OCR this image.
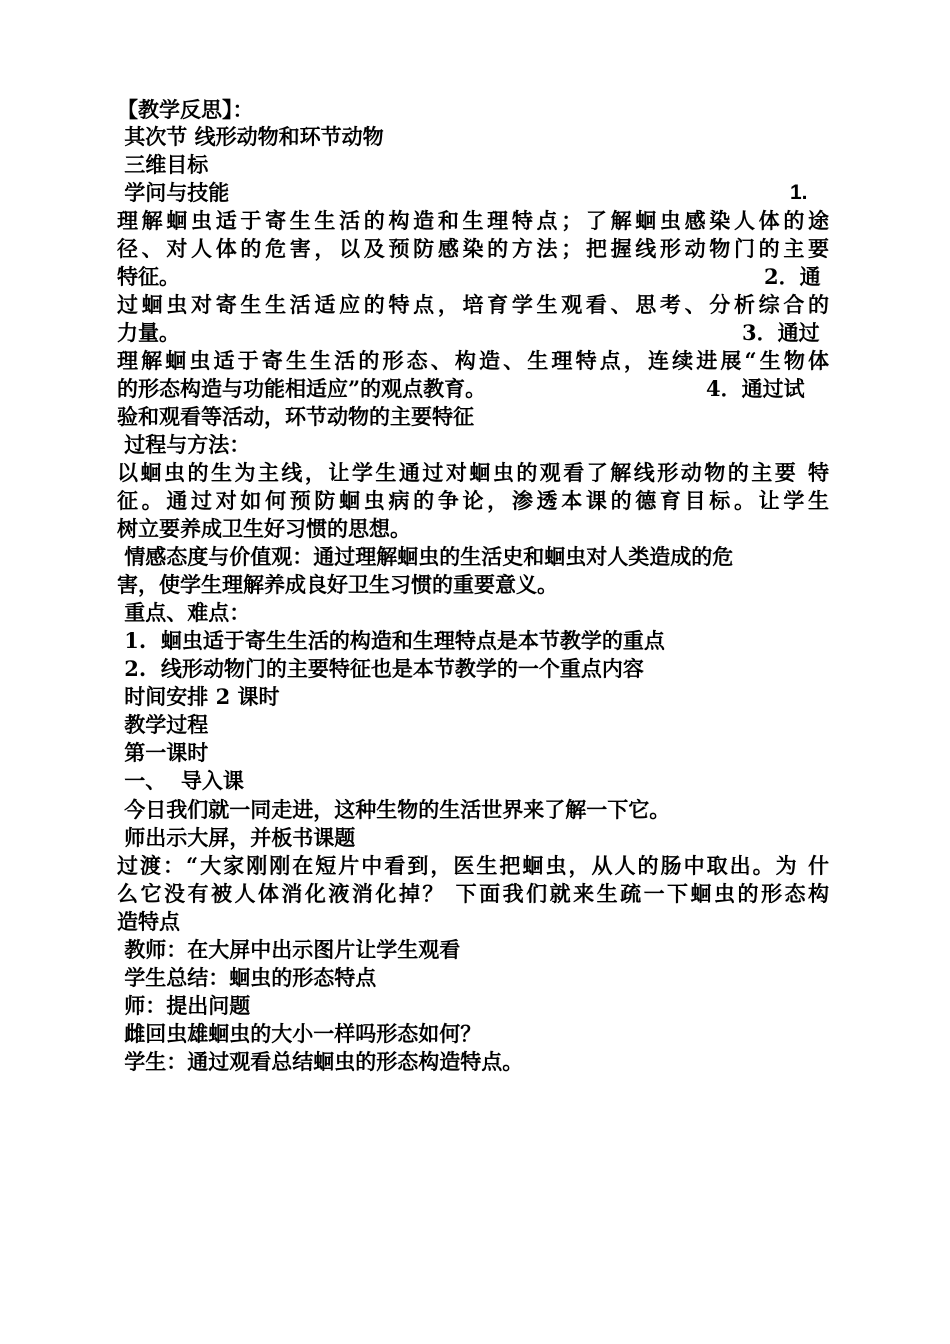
【教学反思】：
其次节 线形动物和环节动物
三维目标
学问与技能	1.
理解蛔虫适于寄生生活的构造和生理特点；了解蛔虫感染人体的途
径、对人体的危害，以及预防感染的方法；把握线形动物门的主要
特征。	2．通
过蛔虫对寄生生活适应的特点，培育学生观看、思考、分析综合的
力量。	3．通过
理解蛔虫适于寄生生活的形态、构造、生理特点，连续进展“生物体
的形态构造与功能相适应”的观点教育。	4．通过试
验和观看等活动，环节动物的主要特征
过程与方法：
以蛔虫的生为主线，让学生通过对蛔虫的观看了解线形动物的主要 特
征。通过对如何预防蛔虫病的争论，渗透本课的德育目标。让学生
树立要养成卫生好习惯的思想。
情感态度与价值观：通过理解蛔虫的生活史和蛔虫对人类造成的危
害，使学生理解养成良好卫生习惯的重要意义。
重点、难点：
1.  蛔虫适于寄生生活的构造和生理特点是本节教学的重点
2.  线形动物门的主要特征也是本节教学的一个重点内容
时间安排 2 课时
教学过程
第一课时
一、  导入课
今日我们就一同走进，这种生物的生活世界来了解一下它。
师出示大屏，并板书课题
过渡：“大家刚刚在短片中看到，医生把蛔虫，从人的肠中取出。为 什
么它没有被人体消化液消化掉？ 下面我们就来生疏一下蛔虫的形态构
造特点
教师：在大屏中出示图片让学生观看
学生总结：蛔虫的形态特点
师：提出问题
雌回虫雄蛔虫的大小一样吗形态如何？
学生：通过观看总结蛔虫的形态构造特点。
